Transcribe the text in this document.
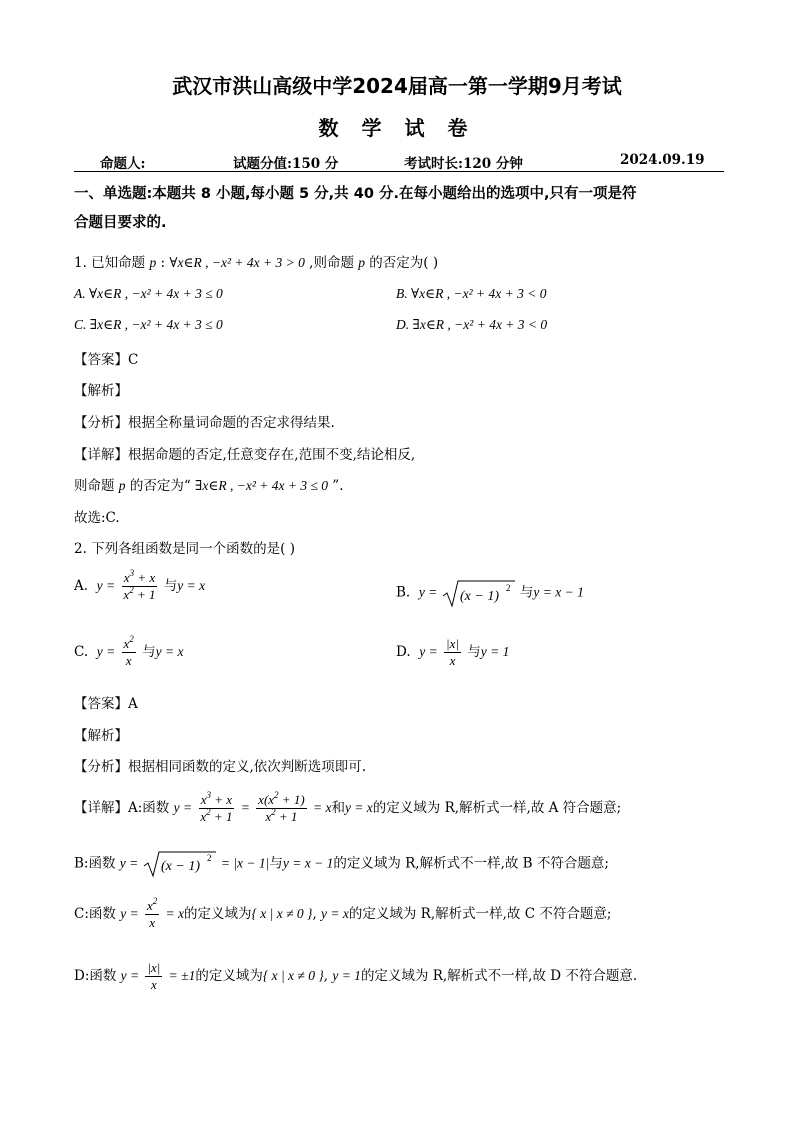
武汉市洪山高级中学2024届高一第一学期9月考试
数 学 试 卷
命题人:	试题分值:150 分	考试时长:120 分钟	2024.09.19
一、单选题:本题共 8 小题,每小题 5 分,共 40 分.在每小题给出的选项中,只有一项是符
合题目要求的.
1. 已知命题 p : ∀x∈R , −x² + 4x + 3 > 0 ,则命题 p 的否定为( )
A. ∀x∈R , −x² + 4x + 3 ≤ 0	B. ∀x∈R , −x² + 4x + 3 < 0
C. ∃x∈R , −x² + 4x + 3 ≤ 0	D. ∃x∈R , −x² + 4x + 3 < 0
【答案】C
【解析】
【分析】根据全称量词命题的否定求得结果.
【详解】根据命题的否定,任意变存在,范围不变,结论相反,
则命题 p 的否定为“ ∃x∈R , −x² + 4x + 3 ≤ 0 ”.
故选:C.
2. 下列各组函数是同一个函数的是( )
A. $y = \frac{x^3 + x}{x^2 + 1}$ 与y = x	B. y = (x − 1)
2 与y = x − 1
C. $y = \frac{x^2}{x}$ 与y = x	D. $y = \frac{|x|}{x}$ 与y = 1
【答案】A
【解析】
【分析】根据相同函数的定义,依次判断选项即可.
【详解】A:函数 $y = \frac{x^3 + x}{x^2 + 1} = \frac{x(x^2 + 1)}{x^2 + 1} = x$和y = x的定义域为 R,解析式一样,故 A 符合题意;
B:函数 y = (x − 1)
2 = |x − 1|与y = x − 1的定义域为 R,解析式不一样,故 B 不符合题意;
C:函数 $y = \frac{x^2}{x} = x$的定义域为{ x | x ≠ 0 }, y = x的定义域为 R,解析式一样,故 C 不符合题意;
D:函数 $y = \frac{|x|}{x} = \pm 1$的定义域为{ x | x ≠ 0 }, y = 1的定义域为 R,解析式不一样,故 D 不符合题意.
